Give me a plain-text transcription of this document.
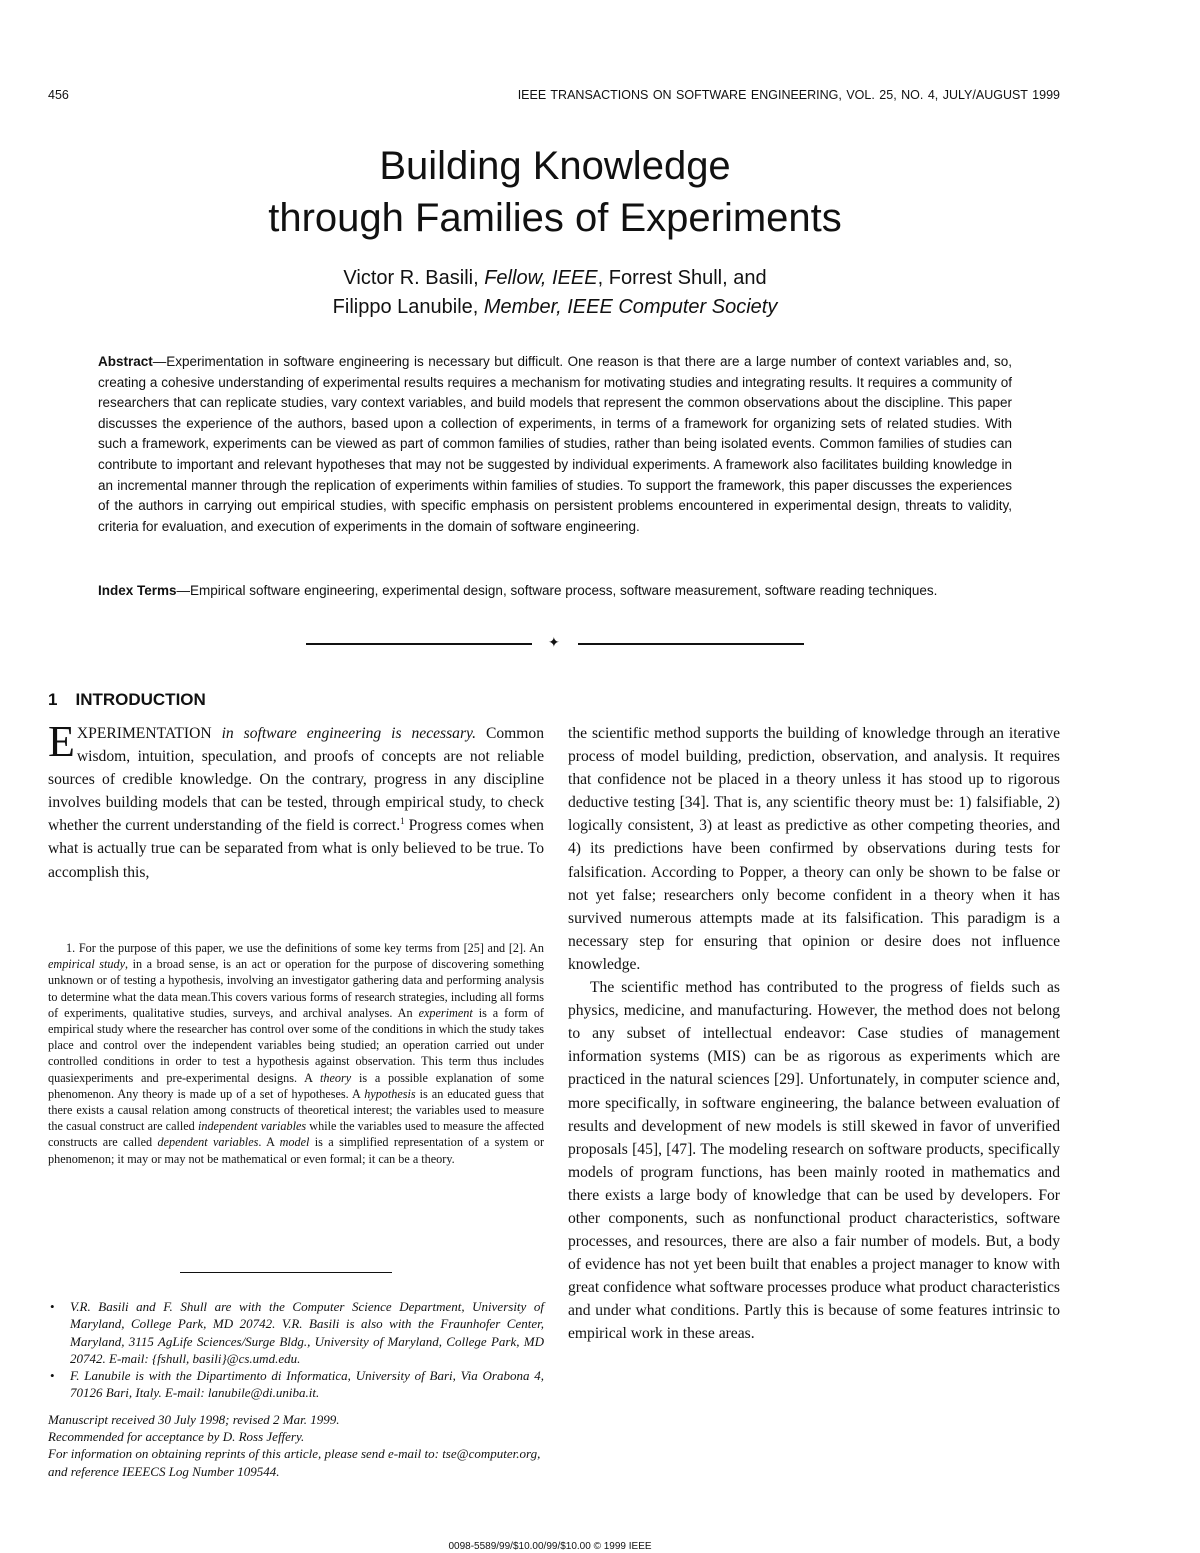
456	IEEE TRANSACTIONS ON SOFTWARE ENGINEERING, VOL. 25, NO. 4, JULY/AUGUST 1999
Building Knowledge
through Families of Experiments
Victor R. Basili, Fellow, IEEE, Forrest Shull, and
Filippo Lanubile, Member, IEEE Computer Society
Abstract—Experimentation in software engineering is necessary but difficult. One reason is that there are a large number of context variables and, so, creating a cohesive understanding of experimental results requires a mechanism for motivating studies and integrating results. It requires a community of researchers that can replicate studies, vary context variables, and build models that represent the common observations about the discipline. This paper discusses the experience of the authors, based upon a collection of experiments, in terms of a framework for organizing sets of related studies. With such a framework, experiments can be viewed as part of common families of studies, rather than being isolated events. Common families of studies can contribute to important and relevant hypotheses that may not be suggested by individual experiments. A framework also facilitates building knowledge in an incremental manner through the replication of experiments within families of studies. To support the framework, this paper discusses the experiences of the authors in carrying out empirical studies, with specific emphasis on persistent problems encountered in experimental design, threats to validity, criteria for evaluation, and execution of experiments in the domain of software engineering.
Index Terms—Empirical software engineering, experimental design, software process, software measurement, software reading techniques.
✦
1 INTRODUCTION

EXPERIMENTATION in software engineering is necessary. Common wisdom, intuition, speculation, and proofs of concepts are not reliable sources of credible knowledge. On the contrary, progress in any discipline involves building models that can be tested, through empirical study, to check whether the current understanding of the field is correct.$^1$ Progress comes when what is actually true can be separated from what is only believed to be true. To accomplish this,

1. For the purpose of this paper, we use the definitions of some key terms from [25] and [2]. An empirical study, in a broad sense, is an act or operation for the purpose of discovering something unknown or of testing a hypothesis, involving an investigator gathering data and performing analysis to determine what the data mean.This covers various forms of research strategies, including all forms of experiments, qualitative studies, surveys, and archival analyses. An experiment is a form of empirical study where the researcher has control over some of the conditions in which the study takes place and control over the independent variables being studied; an operation carried out under controlled conditions in order to test a hypothesis against observation. This term thus includes quasiexperiments and pre-experimental designs. A theory is a possible explanation of some phenomenon. Any theory is made up of a set of hypotheses. A hypothesis is an educated guess that there exists a causal relation among constructs of theoretical interest; the variables used to measure the casual construct are called independent variables while the variables used to measure the affected constructs are called dependent variables. A model is a simplified representation of a system or phenomenon; it may or may not be mathematical or even formal; it can be a theory.

• V.R. Basili and F. Shull are with the Computer Science Department, University of Maryland, College Park, MD 20742. V.R. Basili is also with the Fraunhofer Center, Maryland, 3115 AgLife Sciences/Surge Bldg., University of Maryland, College Park, MD 20742. E-mail: {fshull, basili}@cs.umd.edu.
• F. Lanubile is with the Dipartimento di Informatica, University of Bari, Via Orabona 4, 70126 Bari, Italy. E-mail: lanubile@di.uniba.it.
Manuscript received 30 July 1998; revised 2 Mar. 1999.
Recommended for acceptance by D. Ross Jeffery.
For information on obtaining reprints of this article, please send e-mail to: tse@computer.org, and reference IEEECS Log Number 109544.

the scientific method supports the building of knowledge through an iterative process of model building, prediction, observation, and analysis. It requires that confidence not be placed in a theory unless it has stood up to rigorous deductive testing [34]. That is, any scientific theory must be: 1) falsifiable, 2) logically consistent, 3) at least as predictive as other competing theories, and 4) its predictions have been confirmed by observations during tests for falsification. According to Popper, a theory can only be shown to be false or not yet false; researchers only become confident in a theory when it has survived numerous attempts made at its falsification. This paradigm is a necessary step for ensuring that opinion or desire does not influence knowledge.

The scientific method has contributed to the progress of fields such as physics, medicine, and manufacturing. However, the method does not belong to any subset of intellectual endeavor: Case studies of management information systems (MIS) can be as rigorous as experiments which are practiced in the natural sciences [29]. Unfortunately, in computer science and, more specifically, in software engineering, the balance between evaluation of results and development of new models is still skewed in favor of unverified proposals [45], [47]. The modeling research on software products, specifically models of program functions, has been mainly rooted in mathematics and there exists a large body of knowledge that can be used by developers. For other components, such as nonfunctional product characteristics, software processes, and resources, there are also a fair number of models. But, a body of evidence has not yet been built that enables a project manager to know with great confidence what software processes produce what product characteristics and under what conditions. Partly this is because of some features intrinsic to empirical work in these areas.

0098-5589/99/$10.00/99/$10.00 © 1999 IEEE
